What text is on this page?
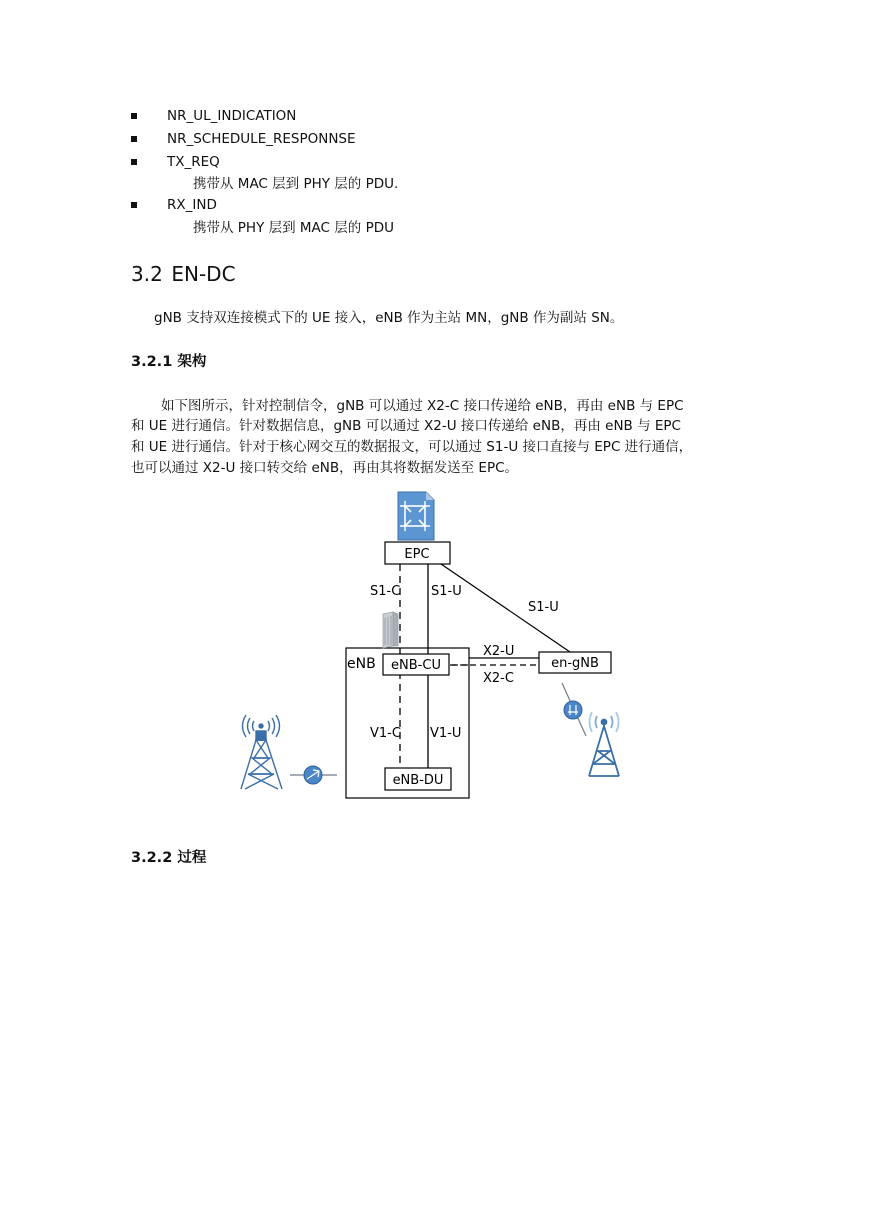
NR_UL_INDICATION
NR_SCHEDULE_RESPONNSE
TX_REQ
携带从 MAC 层到 PHY 层的 PDU.
RX_IND
携带从 PHY 层到 MAC 层的 PDU
3.2 EN-DC
gNB 支持双连接模式下的 UE 接入，eNB 作为主站 MN，gNB 作为副站 SN。
3.2.1 架构
如下图所示，针对控制信令，gNB 可以通过 X2-C 接口传递给 eNB，再由 eNB 与 EPC
和 UE 进行通信。针对数据信息，gNB 可以通过 X2-U 接口传递给 eNB，再由 eNB 与 EPC
和 UE 进行通信。针对于核心网交互的数据报文，可以通过 S1-U 接口直接与 EPC 进行通信，
也可以通过 X2-U 接口转交给 eNB，再由其将数据发送至 EPC。
EPC
eNB-CU
eNB
eNB-DU
en-gNB
S1-C S1-U
S1-U
X2-U
X2-C
V1-C V1-U
3.2.2 过程
